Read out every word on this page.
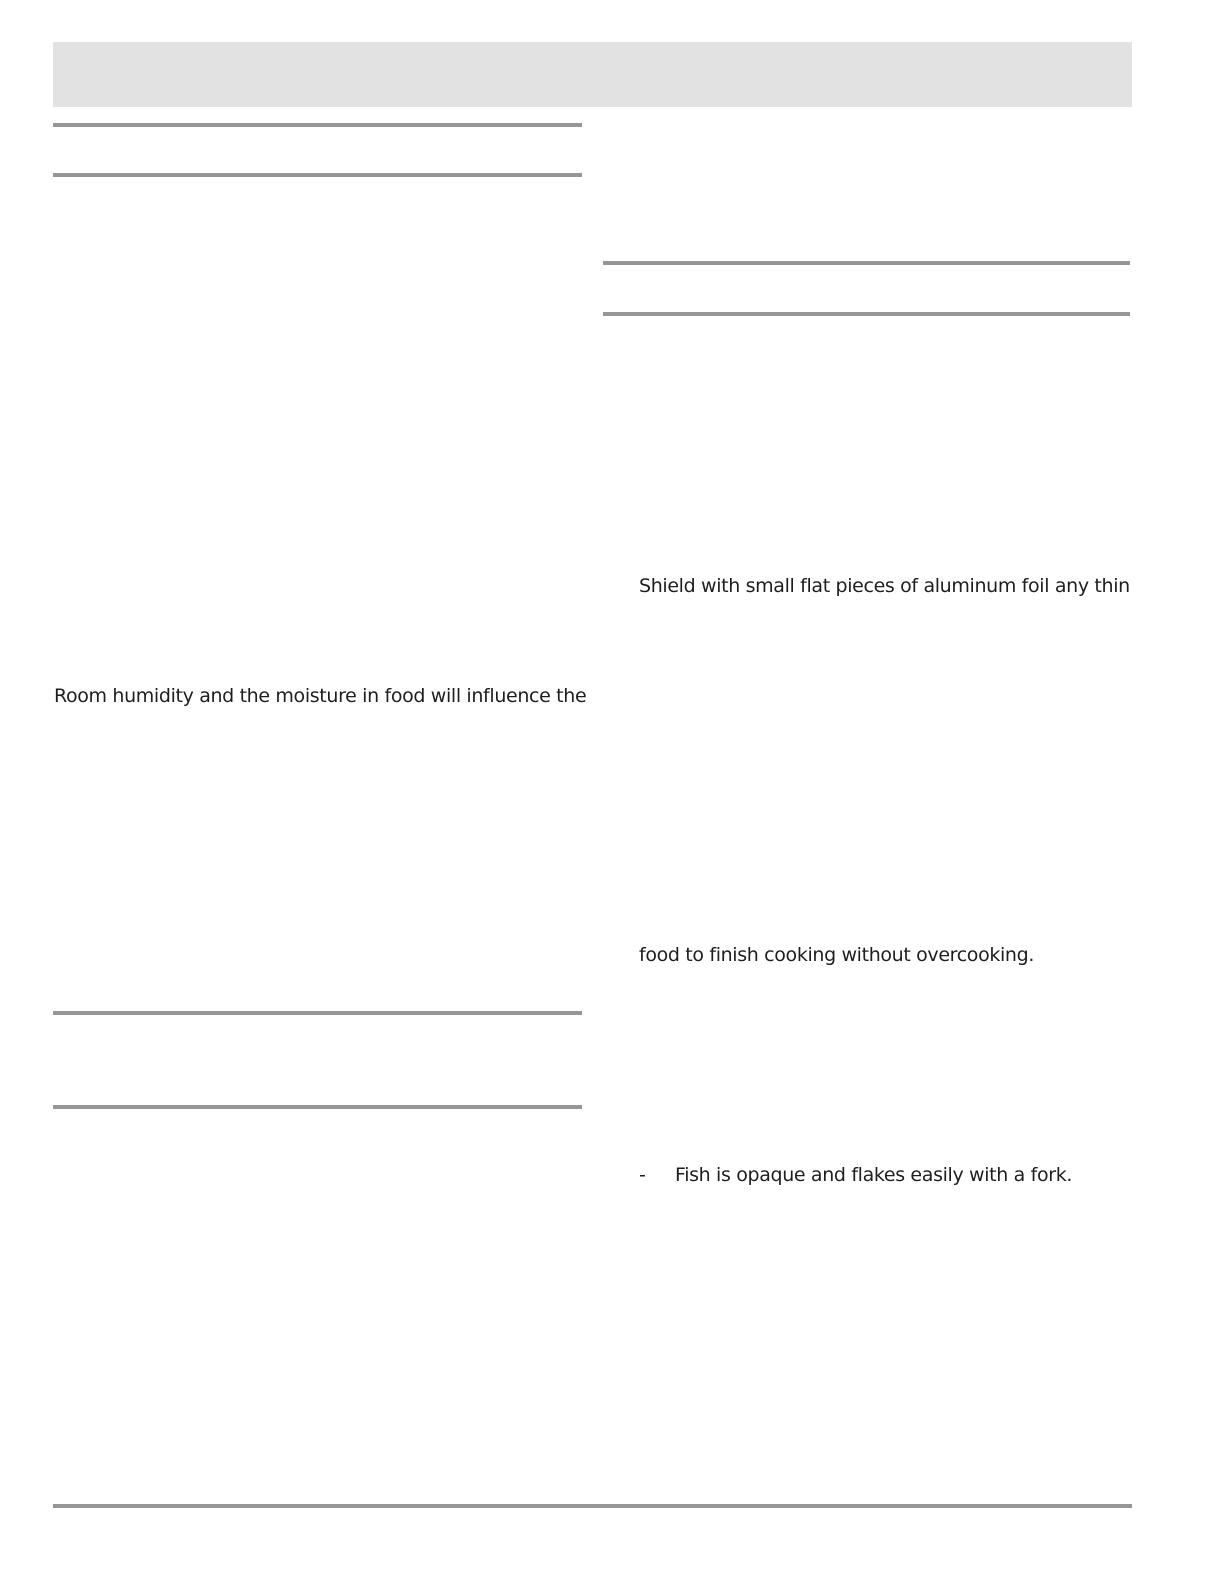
Room humidity and the moisture in food will influence the
Shield with small flat pieces of aluminum foil any thin
food to finish cooking without overcooking.
- Fish is opaque and flakes easily with a fork.
